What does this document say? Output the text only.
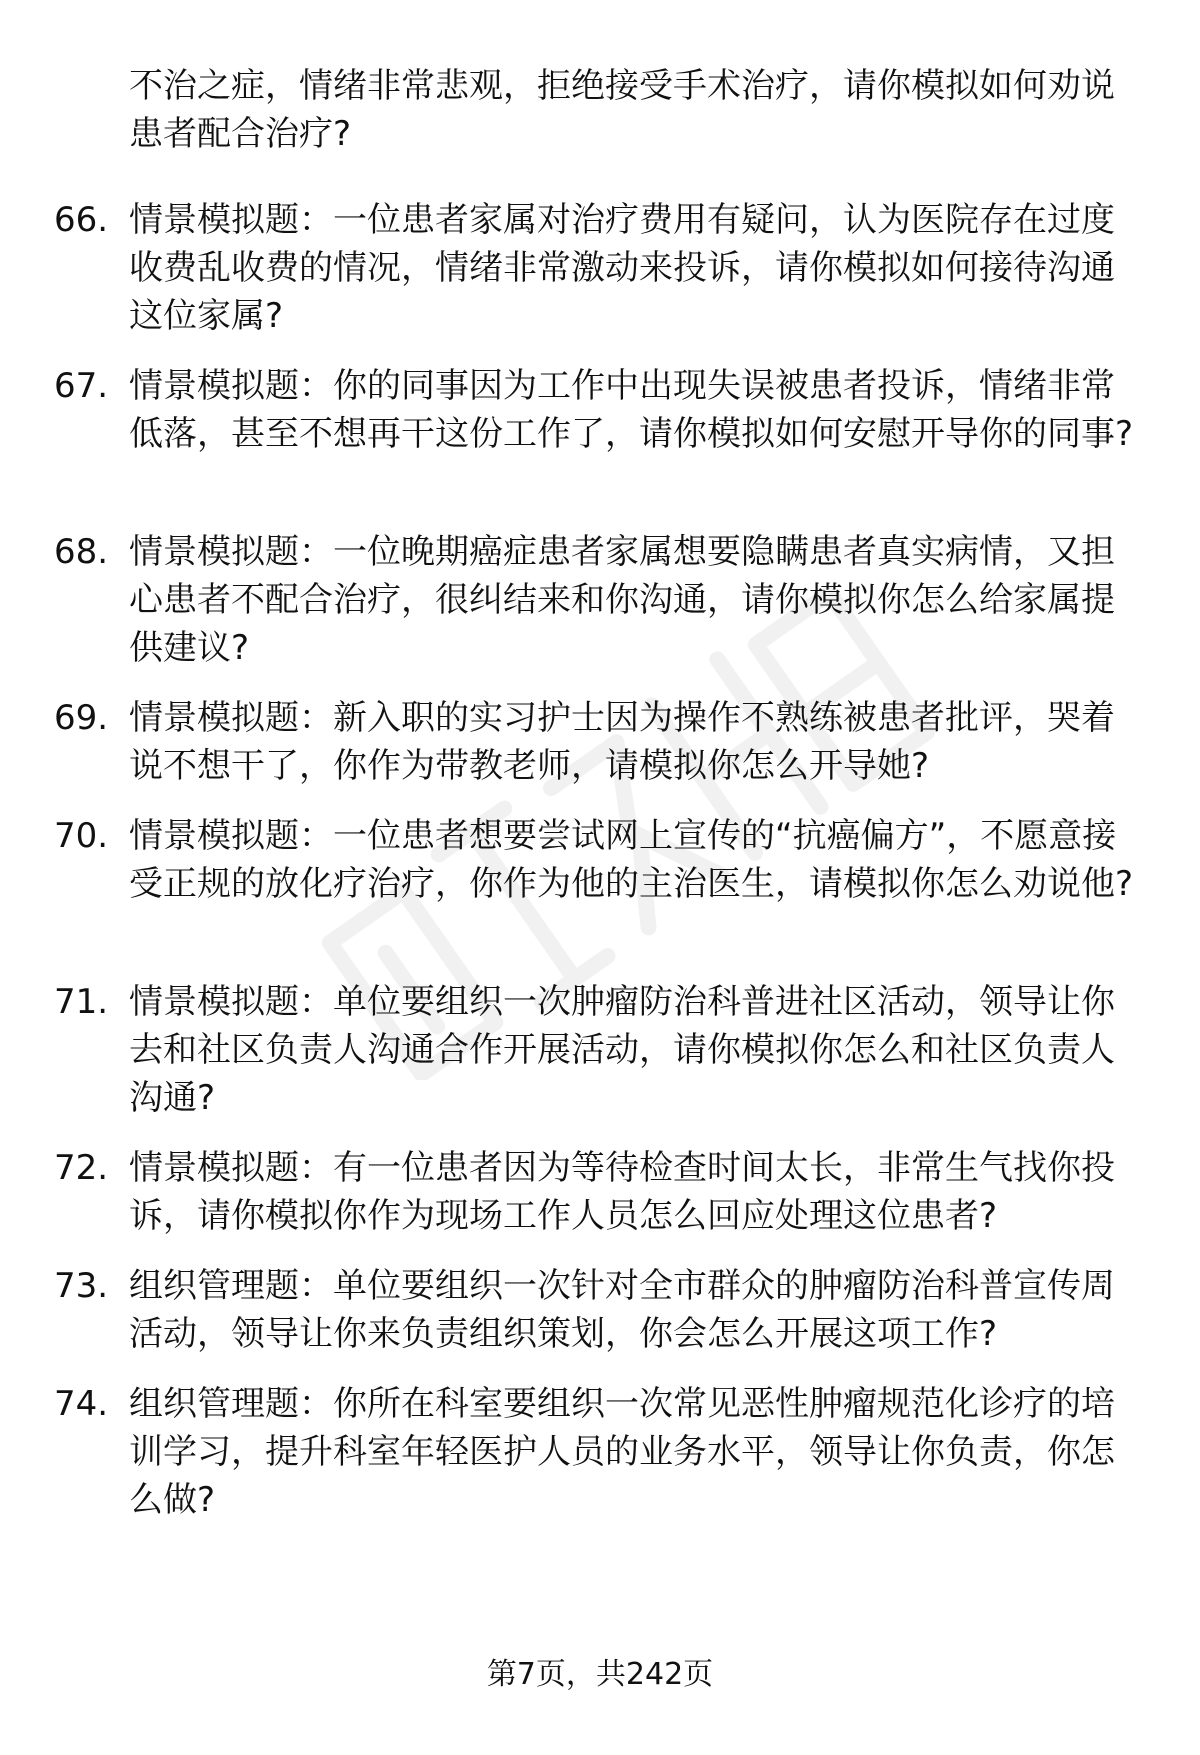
不治之症，情绪非常悲观，拒绝接受手术治疗，请你模拟如何劝说患者配合治疗?
66. 情景模拟题：一位患者家属对治疗费用有疑问，认为医院存在过度收费乱收费的情况，情绪非常激动来投诉，请你模拟如何接待沟通这位家属?
67. 情景模拟题：你的同事因为工作中出现失误被患者投诉，情绪非常低落，甚至不想再干这份工作了，请你模拟如何安慰开导你的同事?
68. 情景模拟题：一位晚期癌症患者家属想要隐瞒患者真实病情，又担心患者不配合治疗，很纠结来和你沟通，请你模拟你怎么给家属提供建议?
69. 情景模拟题：新入职的实习护士因为操作不熟练被患者批评，哭着说不想干了，你作为带教老师，请模拟你怎么开导她?
70. 情景模拟题：一位患者想要尝试网上宣传的“抗癌偏方”，不愿意接受正规的放化疗治疗，你作为他的主治医生，请模拟你怎么劝说他?
71. 情景模拟题：单位要组织一次肿瘤防治科普进社区活动，领导让你去和社区负责人沟通合作开展活动，请你模拟你怎么和社区负责人沟通?
72. 情景模拟题：有一位患者因为等待检查时间太长，非常生气找你投诉，请你模拟你作为现场工作人员怎么回应处理这位患者?
73. 组织管理题：单位要组织一次针对全市群众的肿瘤防治科普宣传周活动，领导让你来负责组织策划，你会怎么开展这项工作?
74. 组织管理题：你所在科室要组织一次常见恶性肿瘤规范化诊疗的培训学习，提升科室年轻医护人员的业务水平，领导让你负责，你怎么做?
第7页，共242页
